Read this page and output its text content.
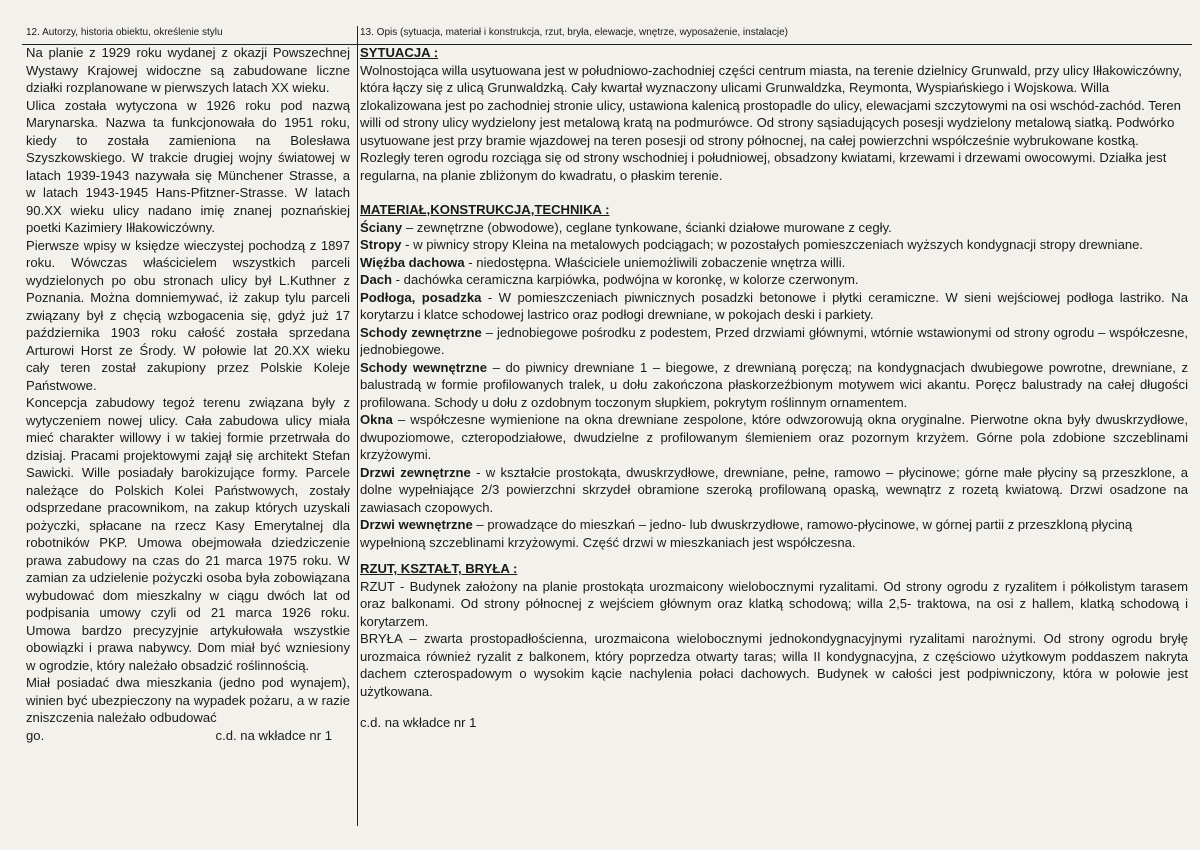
12. Autorzy, historia obiektu, określenie stylu

Na planie z 1929 roku wydanej z okazji Powszechnej Wystawy Krajowej widoczne są zabudowane liczne działki rozplanowane w pierwszych latach XX wieku.

Ulica została wytyczona w 1926 roku pod nazwą Marynarska. Nazwa ta funkcjonowała do 1951 roku, kiedy to została zamieniona na Bolesława Szyszkowskiego. W trakcie drugiej wojny światowej w latach 1939-1943 nazywała się Münchener Strasse, a w latach 1943-1945 Hans-Pfitzner-Strasse. W latach 90.XX wieku ulicy nadano imię znanej poznańskiej poetki Kazimiery Iłłakowiczówny.

Pierwsze wpisy w księdze wieczystej pochodzą z 1897 roku. Wówczas właścicielem wszystkich parceli wydzielonych po obu stronach ulicy był L.Kuthner z Poznania. Można domniemywać, iż zakup tylu parceli związany był z chęcią wzbogacenia się, gdyż już 17 października 1903 roku całość została sprzedana Arturowi Horst ze Środy. W połowie lat 20.XX wieku cały teren został zakupiony przez Polskie Koleje Państwowe.

Koncepcja zabudowy tegoż terenu związana były z wytyczeniem nowej ulicy. Cała zabudowa ulicy miała mieć charakter willowy i w takiej formie przetrwała do dzisiaj. Pracami projektowymi zajął się architekt Stefan Sawicki. Wille posiadały barokizujące formy. Parcele należące do Polskich Kolei Państwowych, zostały odsprzedane pracownikom, na zakup których uzyskali pożyczki, spłacane na rzecz Kasy Emerytalnej dla robotników PKP. Umowa obejmowała dziedziczenie prawa zabudowy na czas do 21 marca 1975 roku. W zamian za udzielenie pożyczki osoba była zobowiązana wybudować dom mieszkalny w ciągu dwóch lat od podpisania umowy czyli od 21 marca 1926 roku. Umowa bardzo precyzyjnie artykułowała wszystkie obowiązki i prawa nabywcy. Dom miał być wzniesiony w ogrodzie, który należało obsadzić roślinnością.

Miał posiadać dwa mieszkania (jedno pod wynajem), winien być ubezpieczony na wypadek pożaru, a w razie zniszczenia należało odbudować

go.	c.d. na wkładce nr 1

13. Opis (sytuacja, materiał i konstrukcja, rzut, bryła, elewacje, wnętrze, wyposażenie, instalacje)

SYTUACJA :

Wolnostojąca willa usytuowana jest w południowo-zachodniej części centrum miasta, na terenie dzielnicy Grunwald, przy ulicy Iłłakowiczówny, która łączy się z ulicą Grunwaldzką. Cały kwartał wyznaczony ulicami Grunwaldzka, Reymonta, Wyspiańskiego i Wojskowa. Willa zlokalizowana jest po zachodniej stronie ulicy, ustawiona kalenicą prostopadle do ulicy, elewacjami szczytowymi na osi wschód-zachód. Teren willi od strony ulicy wydzielony jest metalową kratą na podmurówce. Od strony sąsiadujących posesji wydzielony metalową siatką. Podwórko usytuowane jest przy bramie wjazdowej na teren posesji od strony północnej, na całej powierzchni współcześnie wybrukowane kostką. Rozległy teren ogrodu rozciąga się od strony wschodniej i południowej, obsadzony kwiatami, krzewami i drzewami owocowymi. Działka jest regularna, na planie zbliżonym do kwadratu, o płaskim terenie.

MATERIAŁ,KONSTRUKCJA,TECHNIKA :

Ściany – zewnętrzne (obwodowe), ceglane tynkowane, ścianki działowe murowane z cegły.

Stropy - w piwnicy stropy Kleina na metalowych podciągach; w pozostałych pomieszczeniach wyższych kondygnacji stropy drewniane.

Więźba dachowa - niedostępna. Właściciele uniemożliwili zobaczenie wnętrza willi.

Dach - dachówka ceramiczna karpiówka, podwójna w koronkę, w kolorze czerwonym.

Podłoga, posadzka - W pomieszczeniach piwnicznych posadzki betonowe i płytki ceramiczne. W sieni wejściowej podłoga lastriko. Na korytarzu i klatce schodowej lastrico oraz podłogi drewniane, w pokojach deski i parkiety.

Schody zewnętrzne – jednobiegowe pośrodku z podestem, Przed drzwiami głównymi, wtórnie wstawionymi od strony ogrodu – współczesne, jednobiegowe.

Schody wewnętrzne – do piwnicy drewniane 1 – biegowe, z drewnianą poręczą; na kondygnacjach dwubiegowe powrotne, drewniane, z balustradą w formie profilowanych tralek, u dołu zakończona płaskorzeźbionym motywem wici akantu. Poręcz balustrady na całej długości profilowana. Schody u dołu z ozdobnym toczonym słupkiem, pokrytym roślinnym ornamentem.

Okna – współczesne wymienione na okna drewniane zespolone, które odwzorowują okna oryginalne. Pierwotne okna były dwuskrzydłowe, dwupoziomowe, czteropodziałowe, dwudzielne z profilowanym ślemieniem oraz pozornym krzyżem. Górne pola zdobione szczeblinami krzyżowymi.

Drzwi zewnętrzne - w kształcie prostokąta, dwuskrzydłowe, drewniane, pełne, ramowo – płycinowe; górne małe płyciny są przeszklone, a dolne wypełniające 2/3 powierzchni skrzydeł obramione szeroką profilowaną opaską, wewnątrz z rozetą kwiatową. Drzwi osadzone na zawiasach czopowych.

Drzwi wewnętrzne – prowadzące do mieszkań – jedno- lub dwuskrzydłowe, ramowo-płycinowe, w górnej partii z przeszkloną płyciną wypełnioną szczeblinami krzyżowymi. Część drzwi w mieszkaniach jest współczesna.

RZUT, KSZTAŁT, BRYŁA :

RZUT - Budynek założony na planie prostokąta urozmaicony wielobocznymi ryzalitami. Od strony ogrodu z ryzalitem i półkolistym tarasem oraz balkonami. Od strony północnej z wejściem głównym oraz klatką schodową; willa 2,5- traktowa, na osi z hallem, klatką schodową i korytarzem.

BRYŁA – zwarta prostopadłościenna, urozmaicona wielobocznymi jednokondygnacyjnymi ryzalitami narożnymi. Od strony ogrodu bryłę urozmaica również ryzalit z balkonem, który poprzedza otwarty taras; willa II kondygnacyjna, z częściowo użytkowym poddaszem nakryta dachem czterospadowym o wysokim kącie nachylenia połaci dachowych. Budynek w całości jest podpiwniczony, która w połowie jest użytkowana.

c.d. na wkładce nr 1
